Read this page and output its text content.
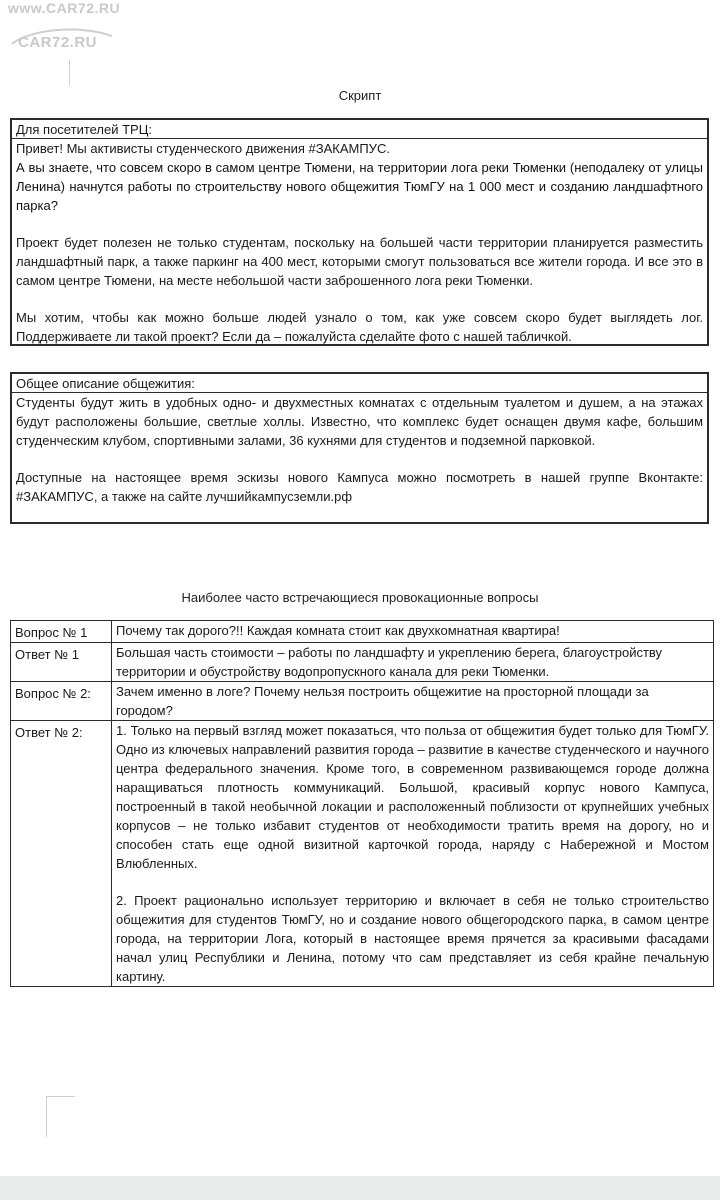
www.CAR72.RU
CAR72.RU
Скрипт
Для посетителей ТРЦ:

Привет! Мы активисты студенческого движения #ЗАКАМПУС.

А вы знаете, что совсем скоро в самом центре Тюмени, на территории лога реки Тюменки (неподалеку от улицы Ленина) начнутся работы по строительству нового общежития ТюмГУ на 1 000 мест и созданию ландшафтного парка?

Проект будет полезен не только студентам, поскольку на большей части территории планируется разместить ландшафтный парк, а также паркинг на 400 мест, которыми смогут пользоваться все жители города. И все это в самом центре Тюмени, на месте небольшой части заброшенного лога реки Тюменки.

Мы хотим, чтобы как можно больше людей узнало о том, как уже совсем скоро будет выглядеть лог. Поддерживаете ли такой проект? Если да – пожалуйста сделайте фото с нашей табличкой.

Общее описание общежития:

Студенты будут жить в удобных одно- и двухместных комнатах с отдельным туалетом и душем, а на этажах будут расположены большие, светлые холлы. Известно, что комплекс будет оснащен двумя кафе, большим студенческим клубом, спортивными залами, 36 кухнями для студентов и подземной парковкой.

Доступные на настоящее время эскизы нового Кампуса можно посмотреть в нашей группе Вконтакте: #ЗАКАМПУС, а также на сайте лучшийкампусземли.рф

Наиболее часто встречающиеся провокационные вопросы
Вопрос № 1	Почему так дорого?!! Каждая комната стоит как двухкомнатная квартира!
Ответ № 1	Большая часть стоимости – работы по ландшафту и укреплению берега, благоустройству территории и обустройству водопропускного канала для реки Тюменки.
Вопрос № 2:	Зачем именно в логе? Почему нельзя построить общежитие на просторной площади за городом?
Ответ № 2:	1. Только на первый взгляд может показаться, что польза от общежития будет только для ТюмГУ. Одно из ключевых направлений развития города – развитие в качестве студенческого и научного центра федерального значения. Кроме того, в современном развивающемся городе должна наращиваться плотность коммуникаций. Большой, красивый корпус нового Кампуса, построенный в такой необычной локации и расположенный поблизости от крупнейших учебных корпусов – не только избавит студентов от необходимости тратить время на дорогу, но и способен стать еще одной визитной карточкой города, наряду с Набережной и Мостом Влюбленных.

2. Проект рационально использует территорию и включает в себя не только строительство общежития для студентов ТюмГУ, но и создание нового общегородского парка, в самом центре города, на территории Лога, который в настоящее время прячется за красивыми фасадами начал улиц Республики и Ленина, потому что сам представляет из себя крайне печальную картину.
